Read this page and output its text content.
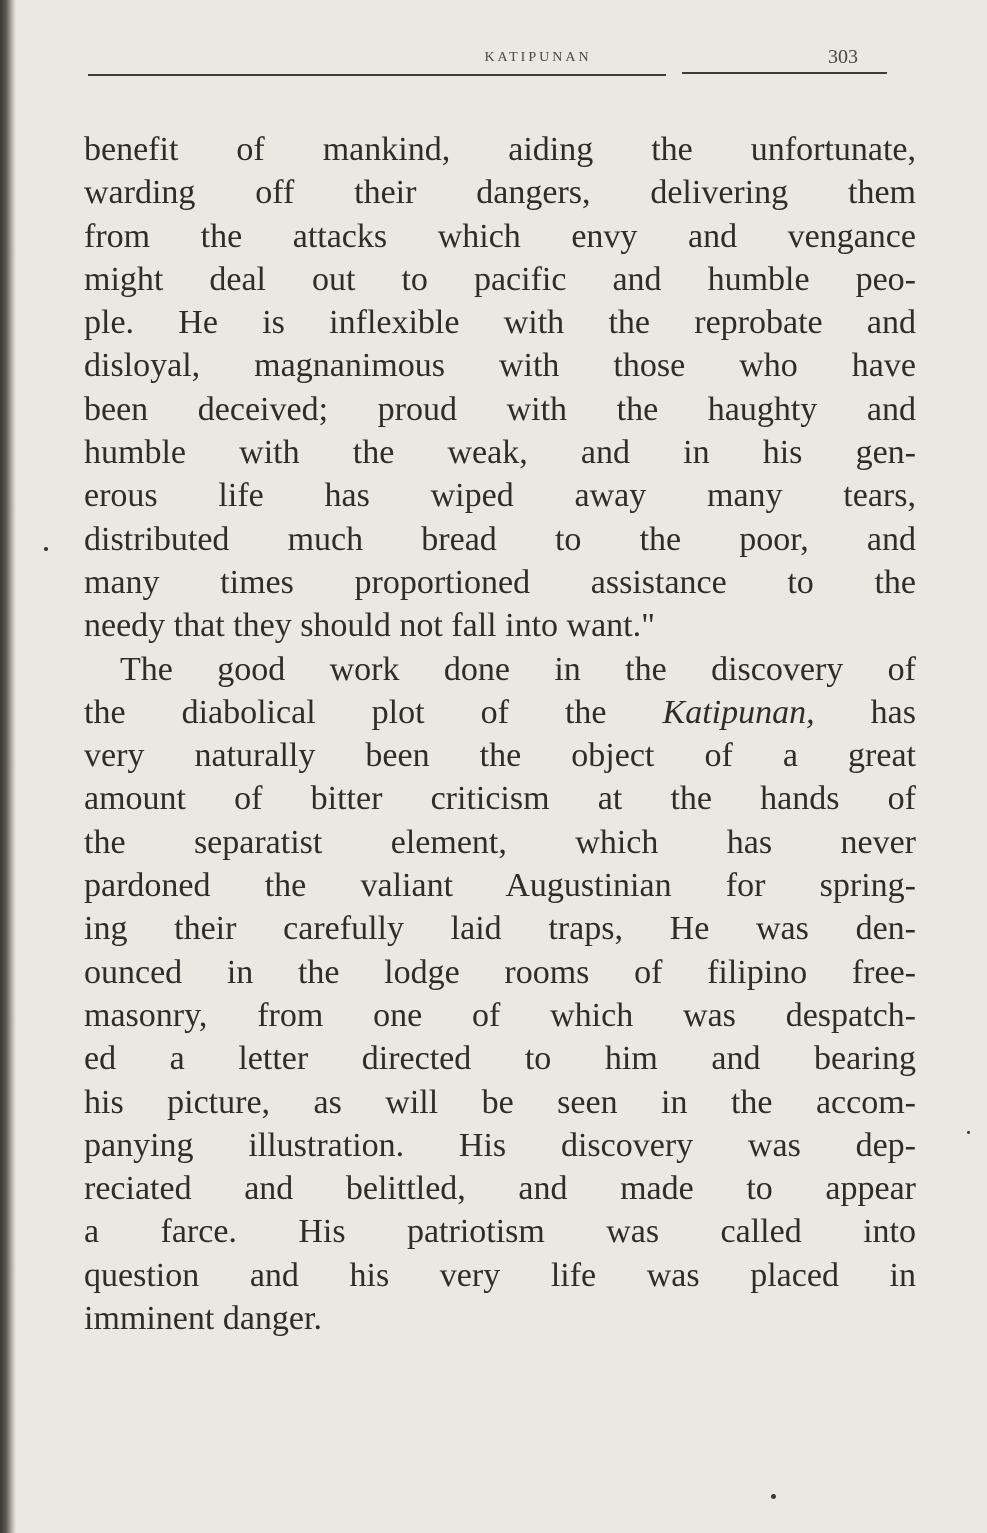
KATIPUNAN	303
benefit of mankind, aiding the unfortunate,
warding off their dangers, delivering them
from the attacks which envy and vengance
might deal out to pacific and humble peo-
ple. He is inflexible with the reprobate and
disloyal, magnanimous with those who have
been deceived; proud with the haughty and
humble with the weak, and in his gen-
erous life has wiped away many tears,
distributed much bread to the poor, and
many times proportioned assistance to the
needy that they should not fall into want."
The good work done in the discovery of
the diabolical plot of the Katipunan, has
very naturally been the object of a great
amount of bitter criticism at the hands of
the separatist element, which has never
pardoned the valiant Augustinian for spring-
ing their carefully laid traps, He was den-
ounced in the lodge rooms of filipino free-
masonry, from one of which was despatch-
ed a letter directed to him and bearing
his picture, as will be seen in the accom-
panying illustration. His discovery was dep-
reciated and belittled, and made to appear
a farce. His patriotism was called into
question and his very life was placed in
imminent danger.
